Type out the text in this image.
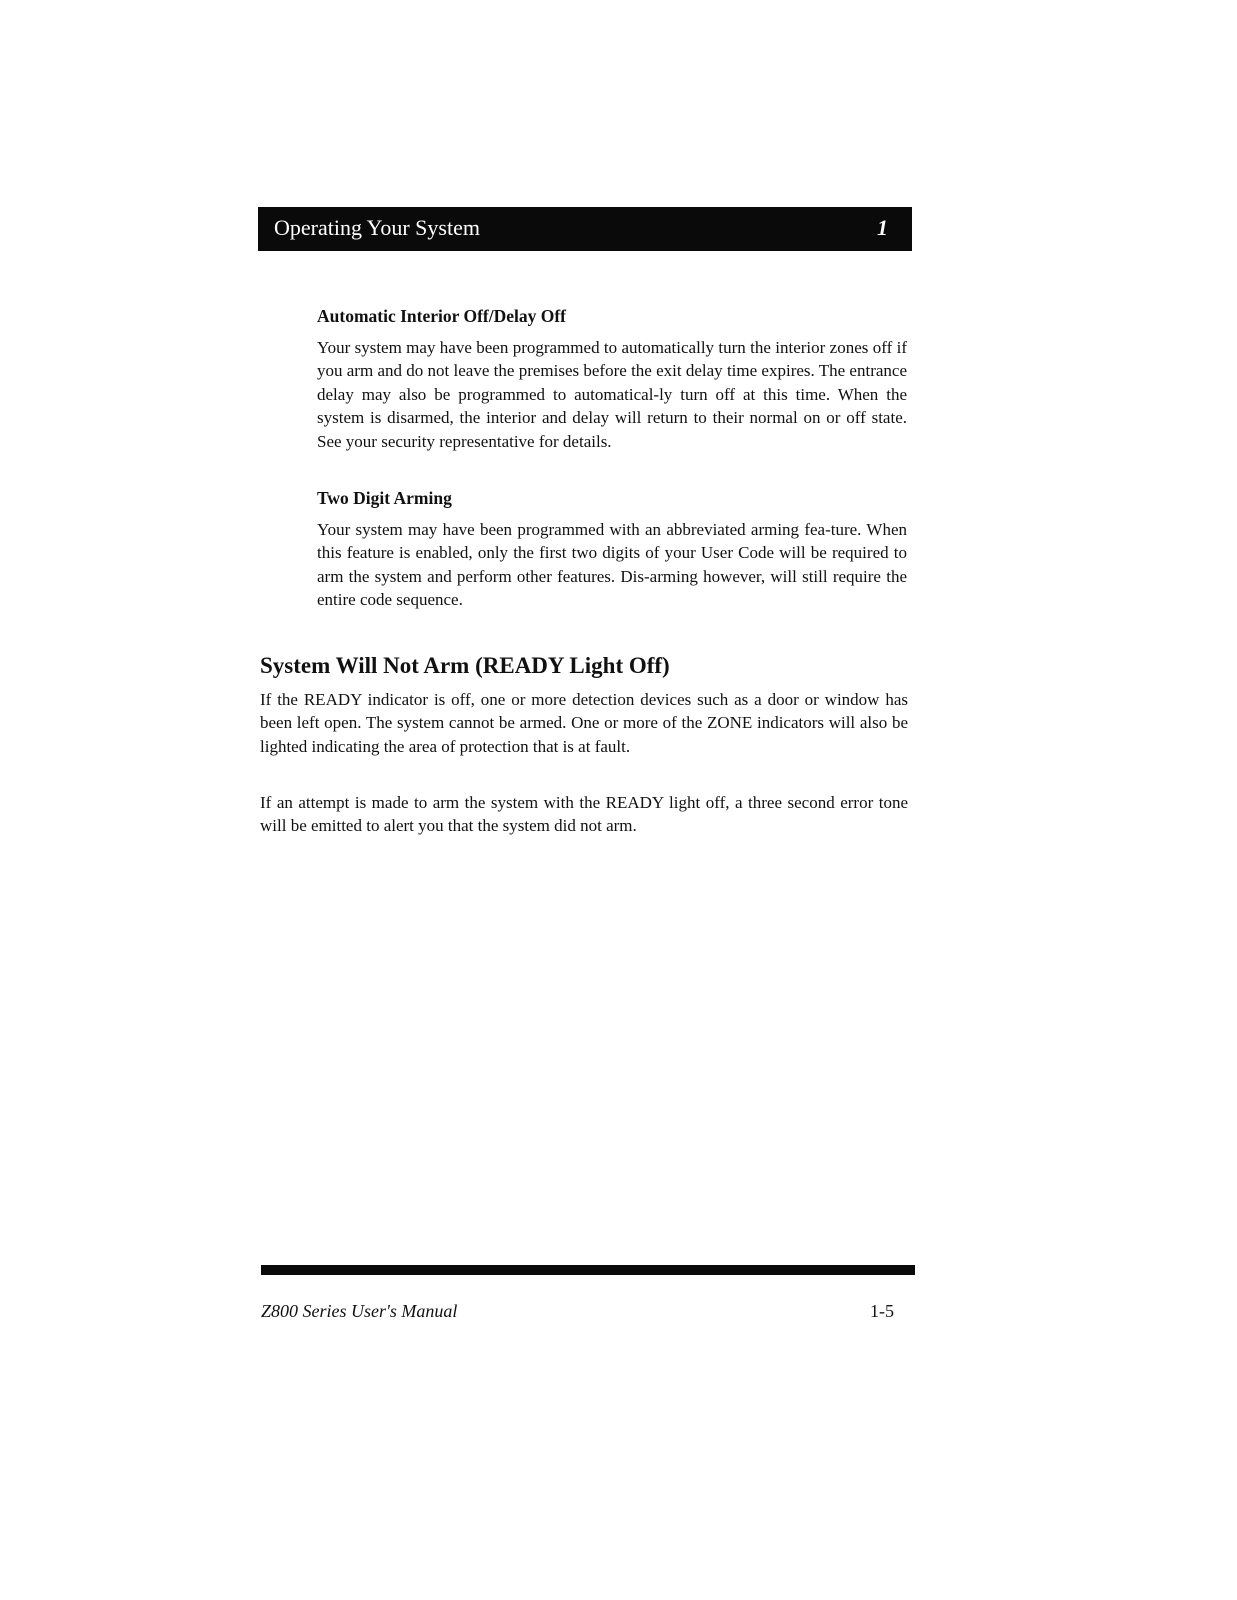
Operating Your System	1
Automatic Interior Off/Delay Off
Your system may have been programmed to automatically turn the interior zones off if you arm and do not leave the premises before the exit delay time expires. The entrance delay may also be programmed to automatical-ly turn off at this time. When the system is disarmed, the interior and delay will return to their normal on or off state. See your security representative for details.
Two Digit Arming
Your system may have been programmed with an abbreviated arming fea-ture. When this feature is enabled, only the first two digits of your User Code will be required to arm the system and perform other features. Dis-arming however, will still require the entire code sequence.
System Will Not Arm (READY Light Off)
If the READY indicator is off, one or more detection devices such as a door or window has been left open. The system cannot be armed. One or more of the ZONE indicators will also be lighted indicating the area of protection that is at fault.
If an attempt is made to arm the system with the READY light off, a three second error tone will be emitted to alert you that the system did not arm.
Z800 Series User's Manual	1-5
